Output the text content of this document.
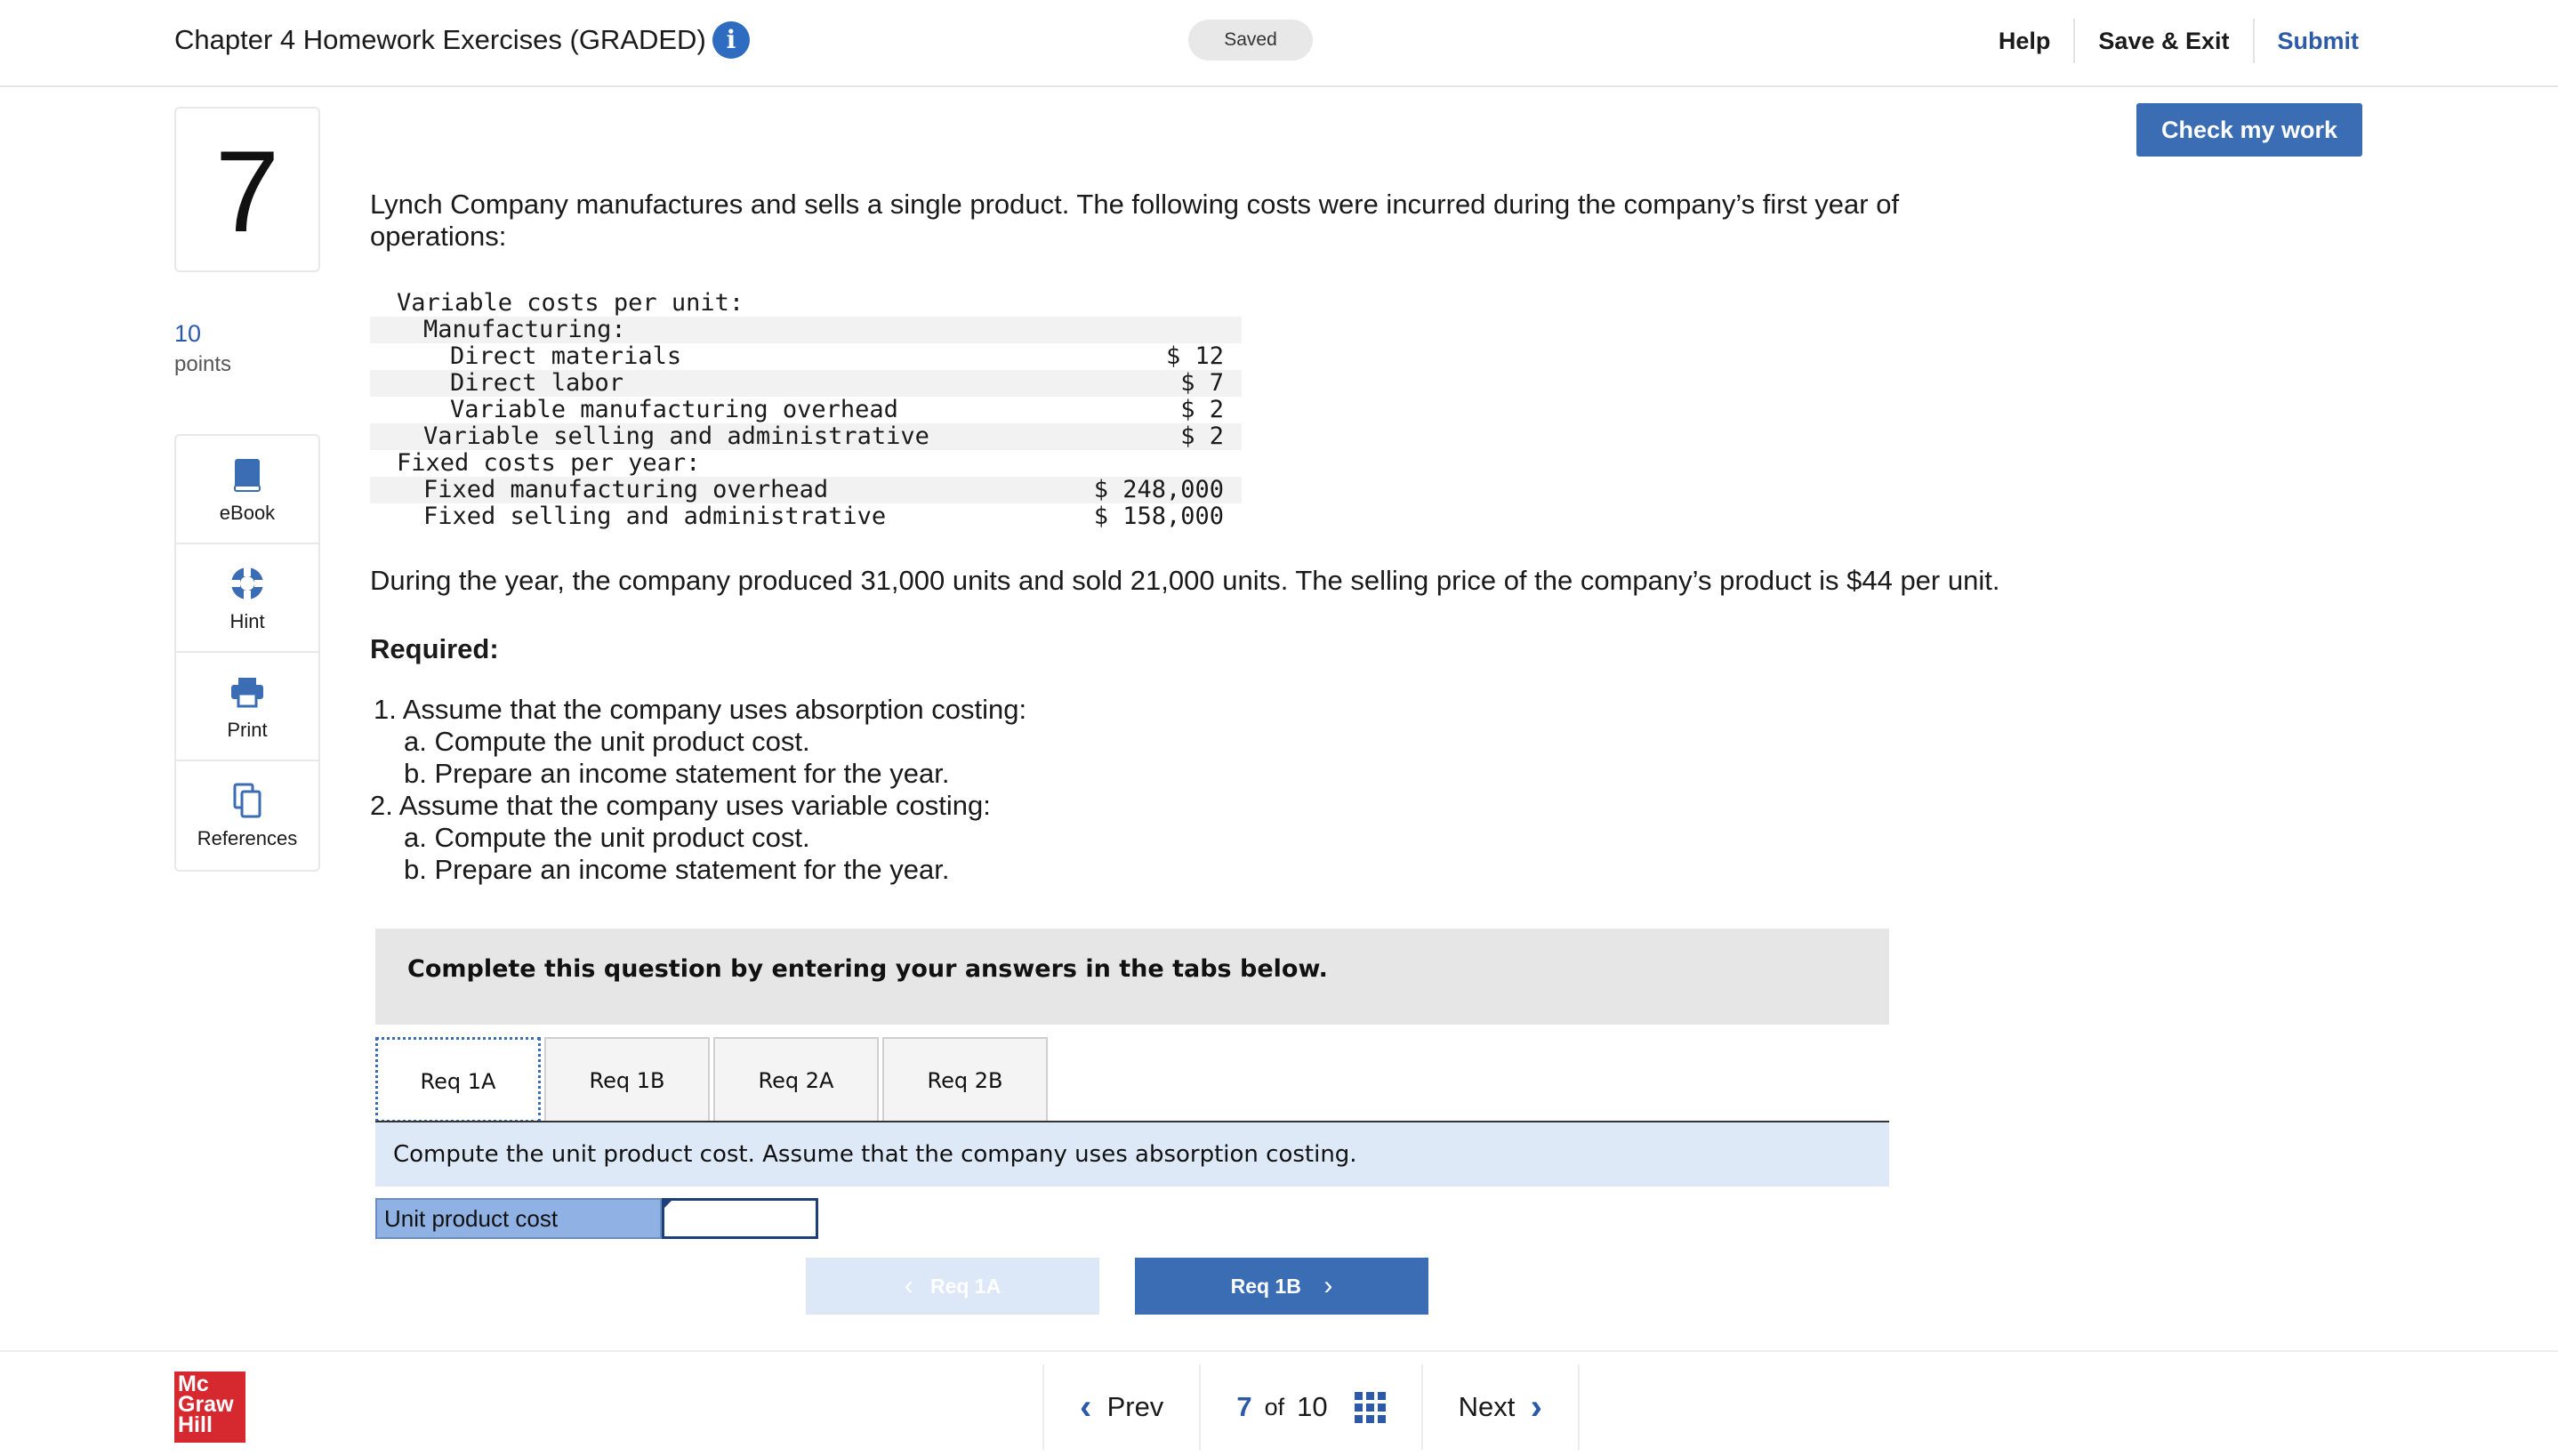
Chapter 4 Homework Exercises (GRADED) i	Saved	Help	Save & Exit	Submit
7
10
points
eBook
Hint
Print
References
Check my work
Lynch Company manufactures and sells a single product. The following costs were incurred during the company’s first year of operations:
Variable costs per unit:
Manufacturing:
Direct materials	$ 12
Direct labor	$ 7
Variable manufacturing overhead	$ 2
Variable selling and administrative	$ 2
Fixed costs per year:
Fixed manufacturing overhead	$ 248,000
Fixed selling and administrative	$ 158,000
During the year, the company produced 31,000 units and sold 21,000 units. The selling price of the company’s product is $44 per unit.
Required:
1. Assume that the company uses absorption costing:
a. Compute the unit product cost.
b. Prepare an income statement for the year.
2. Assume that the company uses variable costing:
a. Compute the unit product cost.
b. Prepare an income statement for the year.
Complete this question by entering your answers in the tabs below.
Req 1A	Req 1B	Req 2A	Req 2B
Compute the unit product cost. Assume that the company uses absorption costing.
Unit product cost
‹ Req 1A	Req 1B ›
Mc
Graw
Hill	‹
Prev	7 of 10	Next
›
